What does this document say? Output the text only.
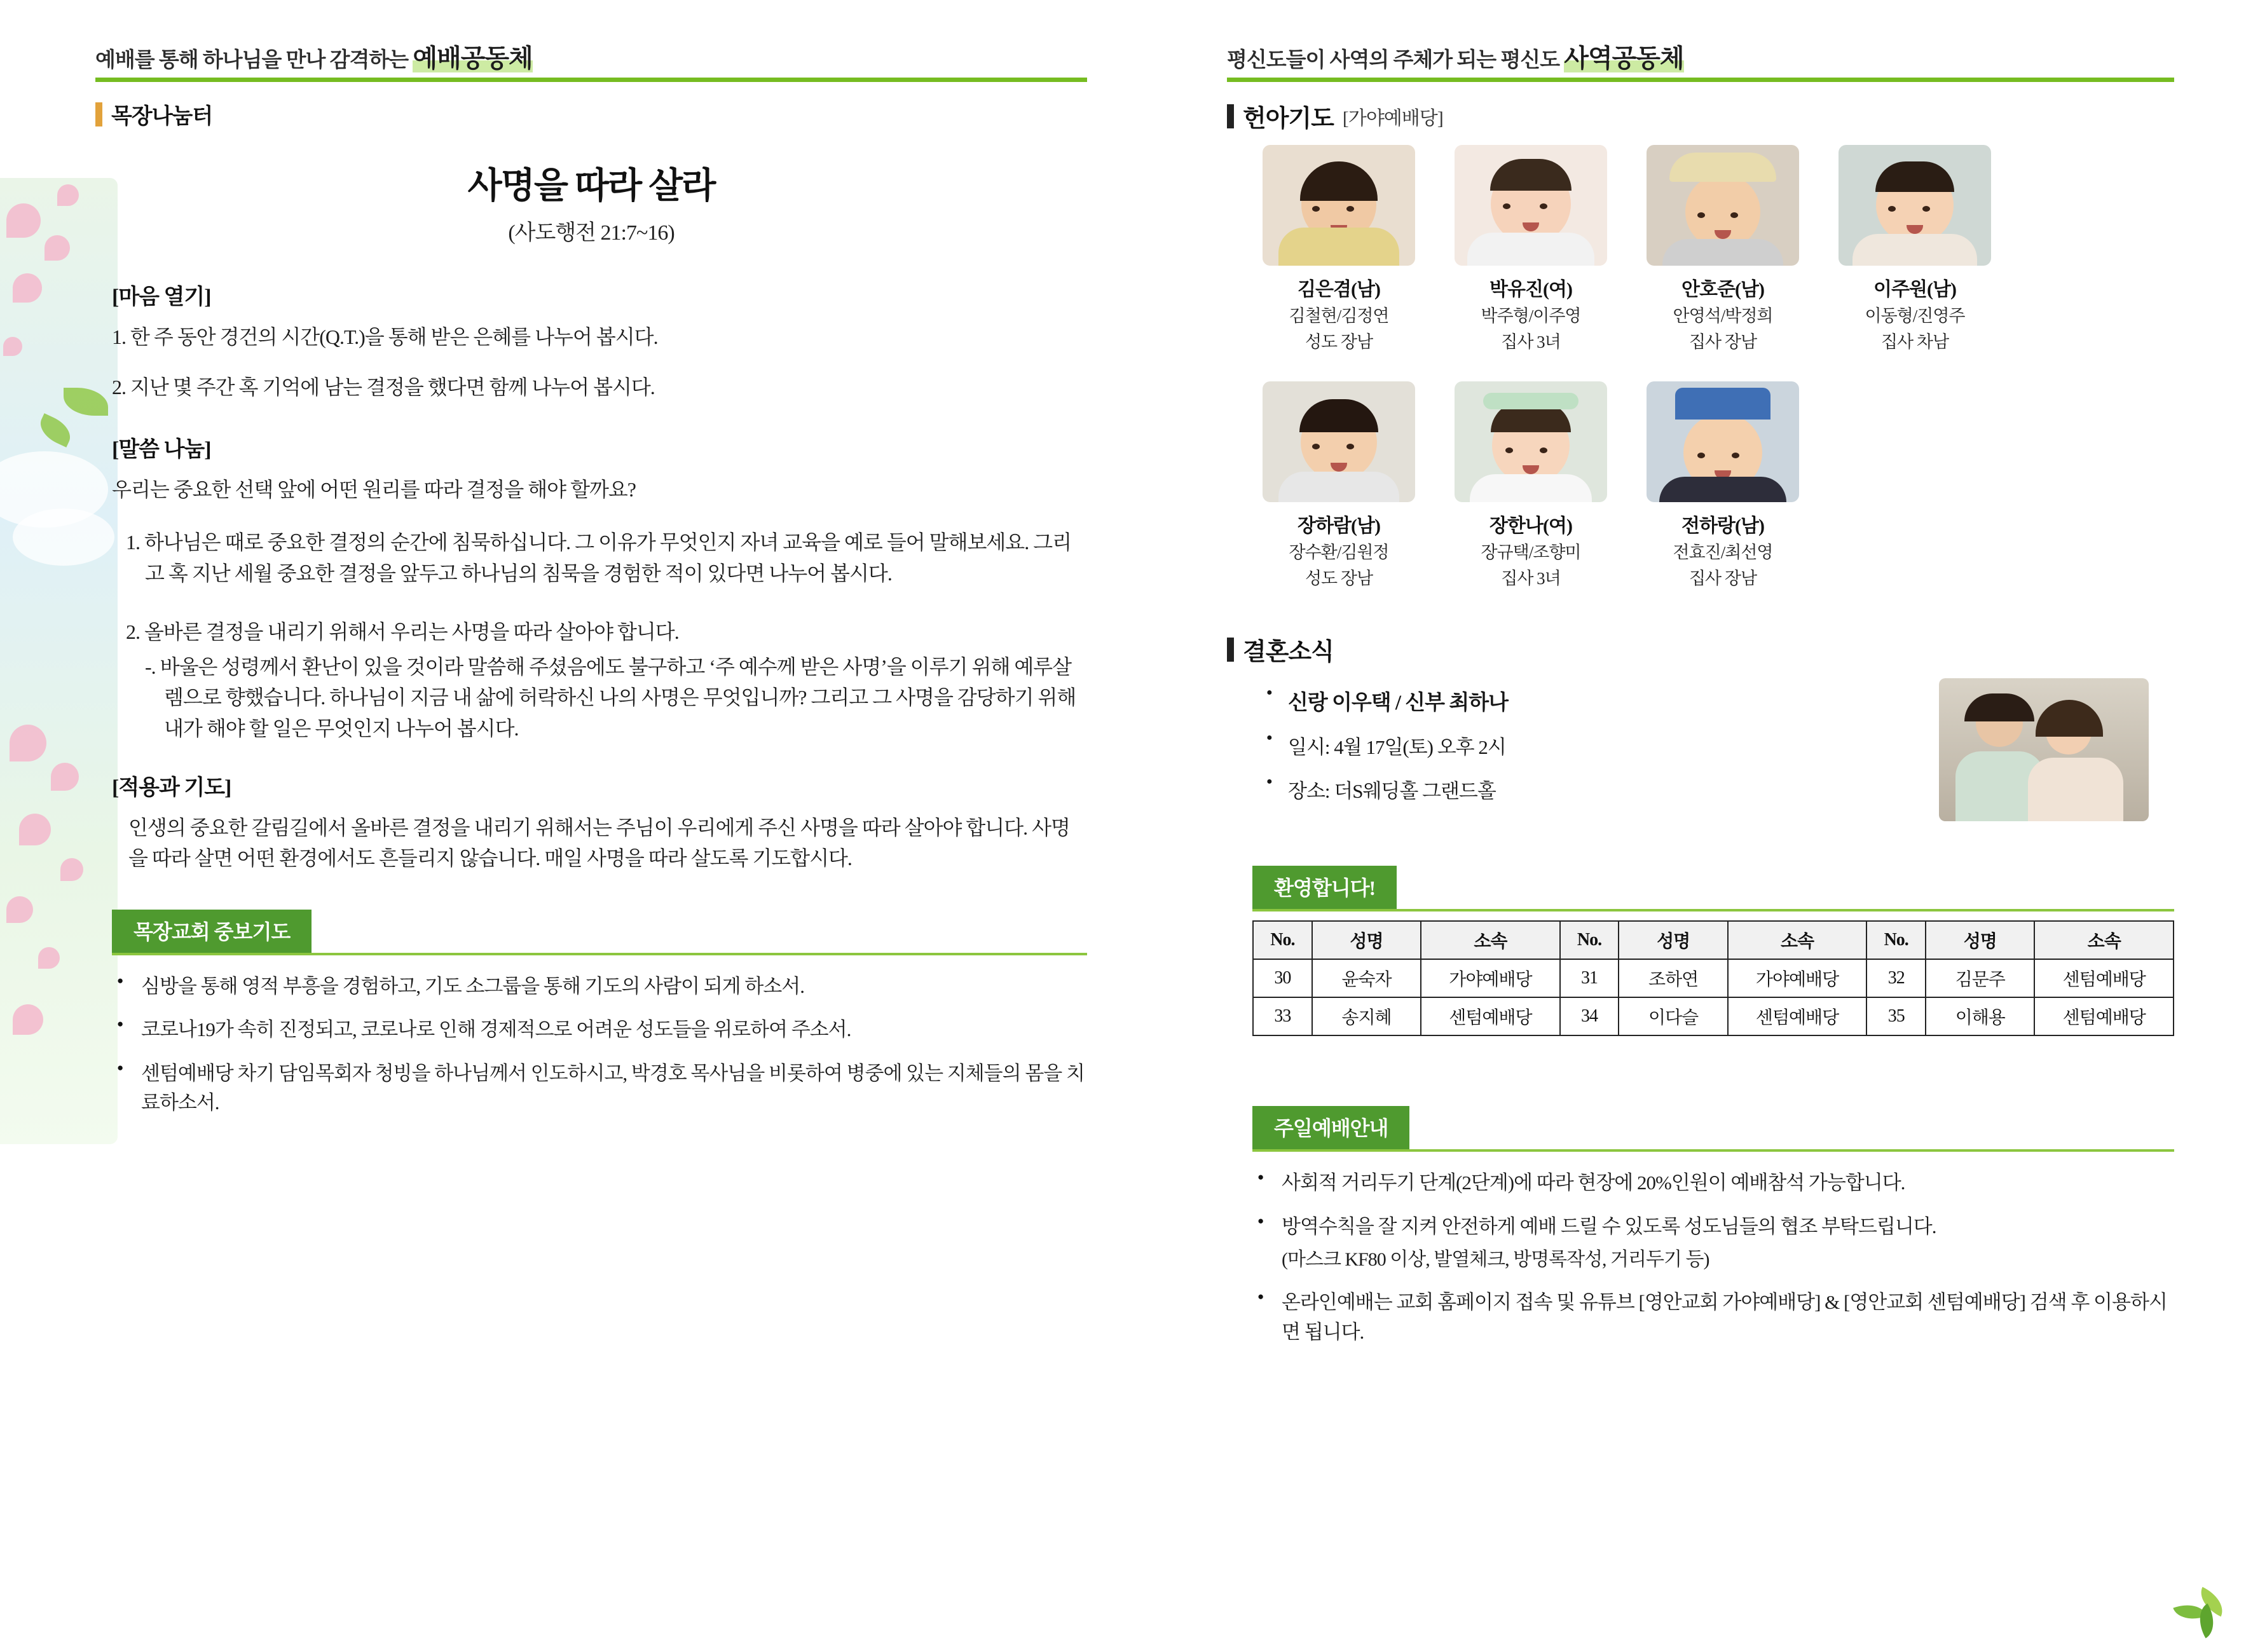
예배를 통해 하나님을 만나 감격하는 예배공동체
목장나눔터
사명을 따라 살라
(사도행전 21:7~16)
[마음 열기]

1. 한 주 동안 경건의 시간(Q.T.)을 통해 받은 은혜를 나누어 봅시다.

2. 지난 몇 주간 혹 기억에 남는 결정을 했다면 함께 나누어 봅시다.

[말씀 나눔]

우리는 중요한 선택 앞에 어떤 원리를 따라 결정을 해야 할까요?

1. 하나님은 때로 중요한 결정의 순간에 침묵하십니다. 그 이유가 무엇인지 자녀 교육을 예로 들어 말해보세요. 그리고 혹 지난 세월 중요한 결정을 앞두고 하나님의 침묵을 경험한 적이 있다면 나누어 봅시다.

2. 올바른 결정을 내리기 위해서 우리는 사명을 따라 살아야 합니다.

-. 바울은 성령께서 환난이 있을 것이라 말씀해 주셨음에도 불구하고 ‘주 예수께 받은 사명’을 이루기 위해 예루살렘으로 향했습니다. 하나님이 지금 내 삶에 허락하신 나의 사명은 무엇입니까? 그리고 그 사명을 감당하기 위해 내가 해야 할 일은 무엇인지 나누어 봅시다.

[적용과 기도]

인생의 중요한 갈림길에서 올바른 결정을 내리기 위해서는 주님이 우리에게 주신 사명을 따라 살아야 합니다. 사명을 따라 살면 어떤 환경에서도 흔들리지 않습니다. 매일 사명을 따라 살도록 기도합시다.

목장교회 중보기도
● 심방을 통해 영적 부흥을 경험하고, 기도 소그룹을 통해 기도의 사람이 되게 하소서.
● 코로나19가 속히 진정되고, 코로나로 인해 경제적으로 어려운 성도들을 위로하여 주소서.
● 센텀예배당 차기 담임목회자 청빙을 하나님께서 인도하시고, 박경호 목사님을 비롯하여 병중에 있는 지체들의 몸을 치료하소서.
평신도들이 사역의 주체가 되는 평신도 사역공동체
헌아기도 [가야예배당]
김은겸(남)
김철현/김정연
성도 장남
박유진(여)
박주형/이주영
집사 3녀
안호준(남)
안영석/박정희
집사 장남
이주원(남)
이동형/진영주
집사 차남
장하람(남)
장수환/김원정
성도 장남
장한나(여)
장규택/조향미
집사 3녀
전하랑(남)
전효진/최선영
집사 장남
결혼소식
● 신랑 이우택 / 신부 최하나
● 일시: 4월 17일(토) 오후 2시
● 장소: 더S웨딩홀 그랜드홀
환영합니다!
No.	성명	소속	No.	성명	소속	No.	성명	소속
30	윤숙자	가야예배당	31	조하연	가야예배당	32	김문주	센텀예배당
33	송지혜	센텀예배당	34	이다슬	센텀예배당	35	이해용	센텀예배당
주일예배안내
● 사회적 거리두기 단계(2단계)에 따라 현장에 20%인원이 예배참석 가능합니다.
● 방역수칙을 잘 지켜 안전하게 예배 드릴 수 있도록 성도님들의 협조 부탁드립니다.
(마스크 KF80 이상, 발열체크, 방명록작성, 거리두기 등)
● 온라인예배는 교회 홈페이지 접속 및 유튜브 [영안교회 가야예배당] & [영안교회 센텀예배당] 검색 후 이용하시면 됩니다.
